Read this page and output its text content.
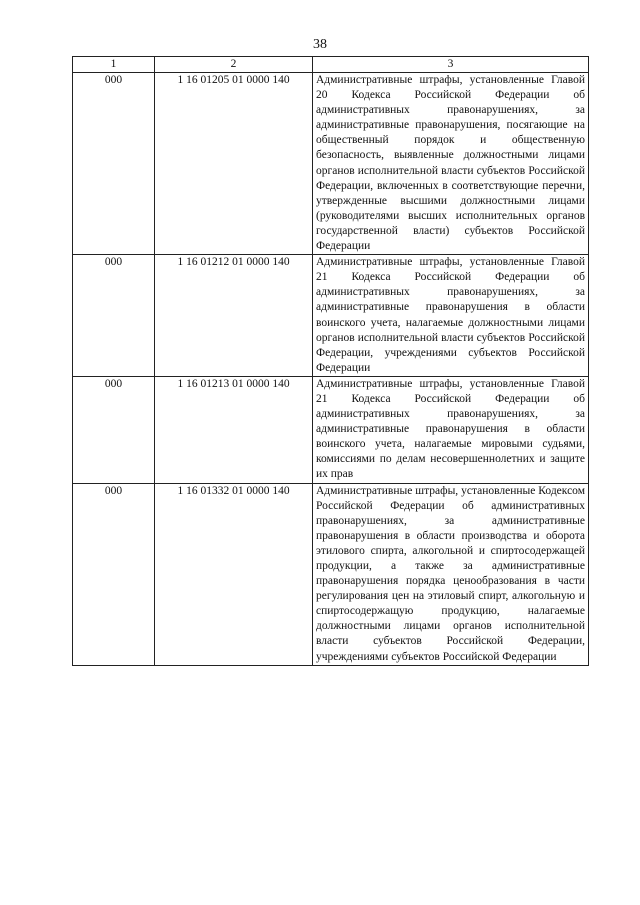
38
1	2	3
000	1 16 01205 01 0000 140	Административные штрафы, установленные Главой 20 Кодекса Российской Федерации об административных правонарушениях, за административные правонарушения, посягающие на общественный порядок и общественную безопасность, выявленные должностными лицами органов исполнительной власти субъектов Российской Федерации, включенных в соответствующие перечни, утвержденные высшими должностными лицами (руководителями высших исполнительных органов государственной власти) субъектов Российской Федерации
000	1 16 01212 01 0000 140	Административные штрафы, установленные Главой 21 Кодекса Российской Федерации об административных правонарушениях, за административные правонарушения в области воинского учета, налагаемые должностными лицами органов исполнительной власти субъектов Российской Федерации, учреждениями субъектов Российской Федерации
000	1 16 01213 01 0000 140	Административные штрафы, установленные Главой 21 Кодекса Российской Федерации об административных правонарушениях, за административные правонарушения в области воинского учета, налагаемые мировыми судьями, комиссиями по делам несовершеннолетних и защите их прав
000	1 16 01332 01 0000 140	Административные штрафы, установленные Кодексом Российской Федерации об административных правонарушениях, за административные правонарушения в области производства и оборота этилового спирта, алкогольной и спиртосодержащей продукции, а также за административные правонарушения порядка ценообразования в части регулирования цен на этиловый спирт, алкогольную и спиртосодержащую продукцию, налагаемые должностными лицами органов исполнительной власти субъектов Российской Федерации, учреждениями субъектов Российской Федерации
